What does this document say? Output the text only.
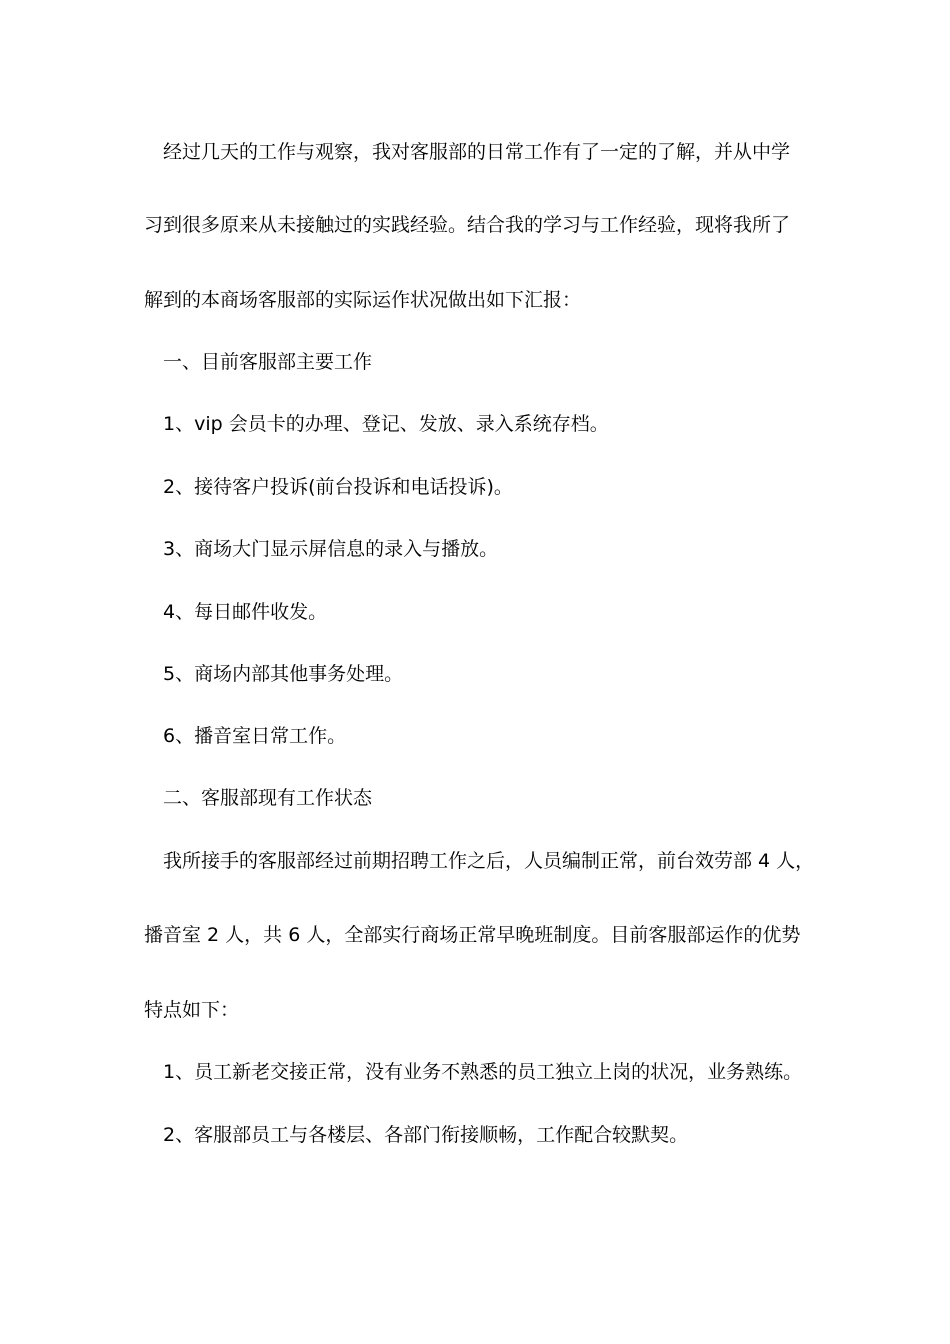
经过几天的工作与观察，我对客服部的日常工作有了一定的了解，并从中学
习到很多原来从未接触过的实践经验。结合我的学习与工作经验，现将我所了
解到的本商场客服部的实际运作状况做出如下汇报：
一、目前客服部主要工作
1、vip 会员卡的办理、登记、发放、录入系统存档。
2、接待客户投诉(前台投诉和电话投诉)。
3、商场大门显示屏信息的录入与播放。
4、每日邮件收发。
5、商场内部其他事务处理。
6、播音室日常工作。
二、客服部现有工作状态
我所接手的客服部经过前期招聘工作之后，人员编制正常，前台效劳部 4 人，
播音室 2 人，共 6 人，全部实行商场正常早晚班制度。目前客服部运作的优势
特点如下：
1、员工新老交接正常，没有业务不熟悉的员工独立上岗的状况，业务熟练。
2、客服部员工与各楼层、各部门衔接顺畅，工作配合较默契。
